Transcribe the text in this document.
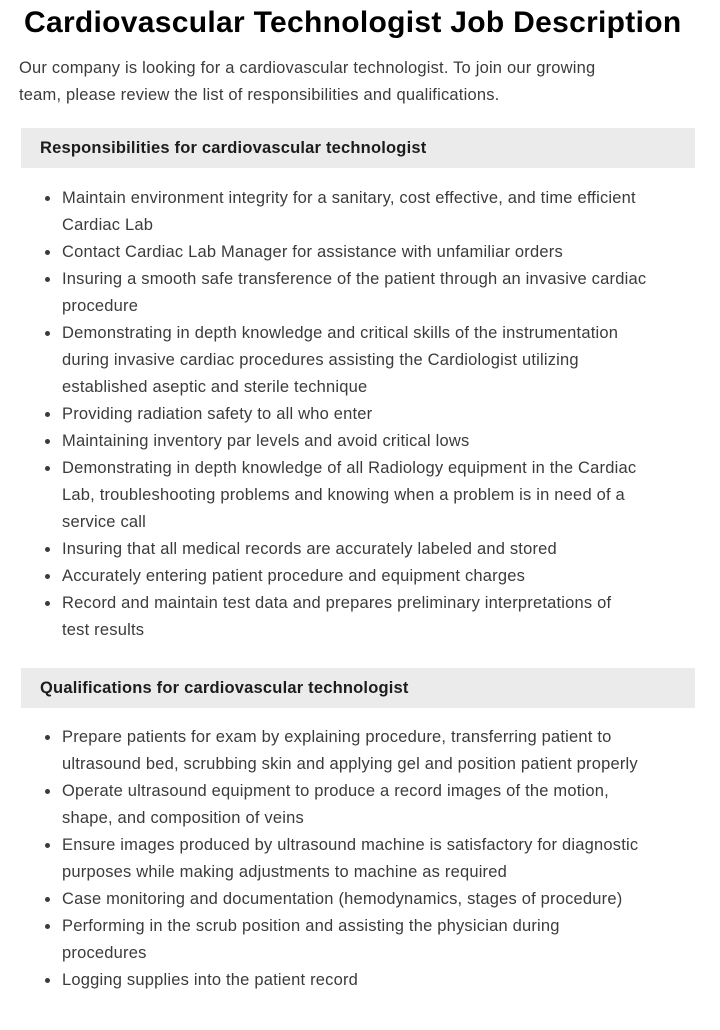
Cardiovascular Technologist Job Description

Our company is looking for a cardiovascular technologist. To join our growing team, please review the list of responsibilities and qualifications.

Responsibilities for cardiovascular technologist
Maintain environment integrity for a sanitary, cost effective, and time efficient Cardiac Lab
Contact Cardiac Lab Manager for assistance with unfamiliar orders
Insuring a smooth safe transference of the patient through an invasive cardiac procedure
Demonstrating in depth knowledge and critical skills of the instrumentation during invasive cardiac procedures assisting the Cardiologist utilizing established aseptic and sterile technique
Providing radiation safety to all who enter
Maintaining inventory par levels and avoid critical lows
Demonstrating in depth knowledge of all Radiology equipment in the Cardiac Lab, troubleshooting problems and knowing when a problem is in need of a service call
Insuring that all medical records are accurately labeled and stored
Accurately entering patient procedure and equipment charges
Record and maintain test data and prepares preliminary interpretations of test results
Qualifications for cardiovascular technologist
Prepare patients for exam by explaining procedure, transferring patient to ultrasound bed, scrubbing skin and applying gel and position patient properly
Operate ultrasound equipment to produce a record images of the motion, shape, and composition of veins
Ensure images produced by ultrasound machine is satisfactory for diagnostic purposes while making adjustments to machine as required
Case monitoring and documentation (hemodynamics, stages of procedure)
Performing in the scrub position and assisting the physician during procedures
Logging supplies into the patient record
